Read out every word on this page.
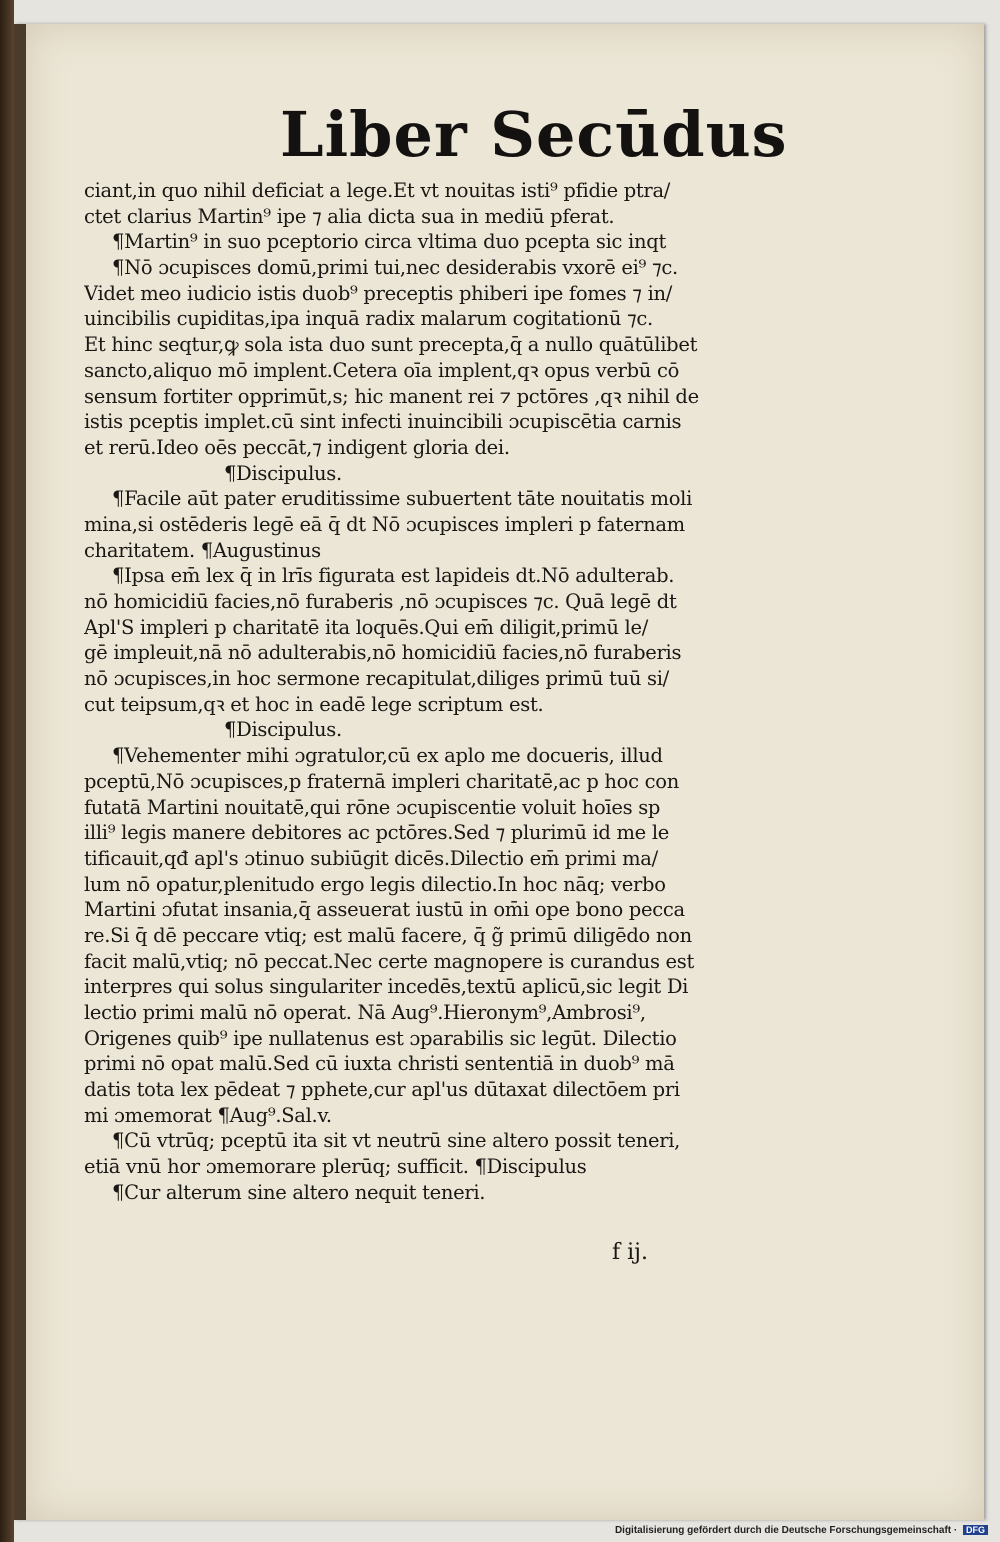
Liber Secūdus
ciant,in quo nihil deficiat a lege.Et vt nouitas isti⁹ pfidie ptra/
ctet clarius Martin⁹ ipe ⁊ alia dicta sua in mediū pferat.
¶Martin⁹ in suo pceptorio circa vltima duo pcepta sic inqt
¶Nō ɔcupisces domū,primi tui,nec desiderabis vxorē ei⁹ ⁊c.
Videt meo iudicio istis duob⁹ preceptis phiberi ipe fomes ⁊ in/
uincibilis cupiditas,ipa inquā radix malarum cogitationū ⁊c.
Et hinc seqtur,ꝙ sola ista duo sunt precepta,q̄ a nullo quātūlibet
sancto,aliquo mō implent.Cetera oīa implent,qꝛ opus verbū cō
sensum fortiter opprimūt,s; hic manent rei ⁊ pctōres ,qꝛ nihil de
istis pceptis implet.cū sint infecti inuincibili ɔcupiscētia carnis
et rerū.Ideo oēs peccāt,⁊ indigent gloria dei.
¶Discipulus.
¶Facile aūt pater eruditissime subuertent tāte nouitatis moli
mina,si ostēderis legē eā q̄ dt Nō ɔcupisces impleri p faternam
charitatem. ¶Augustinus
¶Ipsa em̄ lex q̄ in lrīs figurata est lapideis dt.Nō adulterab.
nō homicidiū facies,nō furaberis ,nō ɔcupisces ⁊c. Quā legē dt
Apl'S impleri p charitatē ita loquēs.Qui em̄ diligit,primū le/
gē impleuit,nā nō adulterabis,nō homicidiū facies,nō furaberis
nō ɔcupisces,in hoc sermone recapitulat,diliges primū tuū si/
cut teipsum,qꝛ et hoc in eadē lege scriptum est.
¶Discipulus.
¶Vehementer mihi ɔgratulor,cū ex aplo me docueris, illud
pceptū,Nō ɔcupisces,p fraternā impleri charitatē,ac p hoc con
futatā Martini nouitatē,qui rōne ɔcupiscentie voluit hoīes sp
illi⁹ legis manere debitores ac pctōres.Sed ⁊ plurimū id me le
tificauit,qđ apl's ɔtinuo subiūgit dicēs.Dilectio em̄ primi ma/
lum nō opatur,plenitudo ergo legis dilectio.In hoc nāq; verbo
Martini ɔfutat insania,q̄ asseuerat iustū in om̄i ope bono pecca
re.Si q̄ dē peccare vtiq; est malū facere, q̄ g̃ primū diligēdo non
facit malū,vtiq; nō peccat.Nec certe magnopere is curandus est
interpres qui solus singulariter incedēs,textū aplicū,sic legit Di
lectio primi malū nō operat. Nā Aug⁹.Hieronym⁹,Ambrosi⁹,
Origenes quib⁹ ipe nullatenus est ɔparabilis sic legūt. Dilectio
primi nō opat malū.Sed cū iuxta christi sententiā in duob⁹ mā
datis tota lex pēdeat ⁊ pphete,cur apl'us dūtaxat dilectōem pri
mi ɔmemorat ¶Aug⁹.Sal.v.
¶Cū vtrūq; pceptū ita sit vt neutrū sine altero possit teneri,
etiā vnū hor ɔmemorare plerūq; sufficit. ¶Discipulus
¶Cur alterum sine altero nequit teneri.
f ij.
Digitalisierung gefördert durch die Deutsche Forschungsgemeinschaft · DFG
